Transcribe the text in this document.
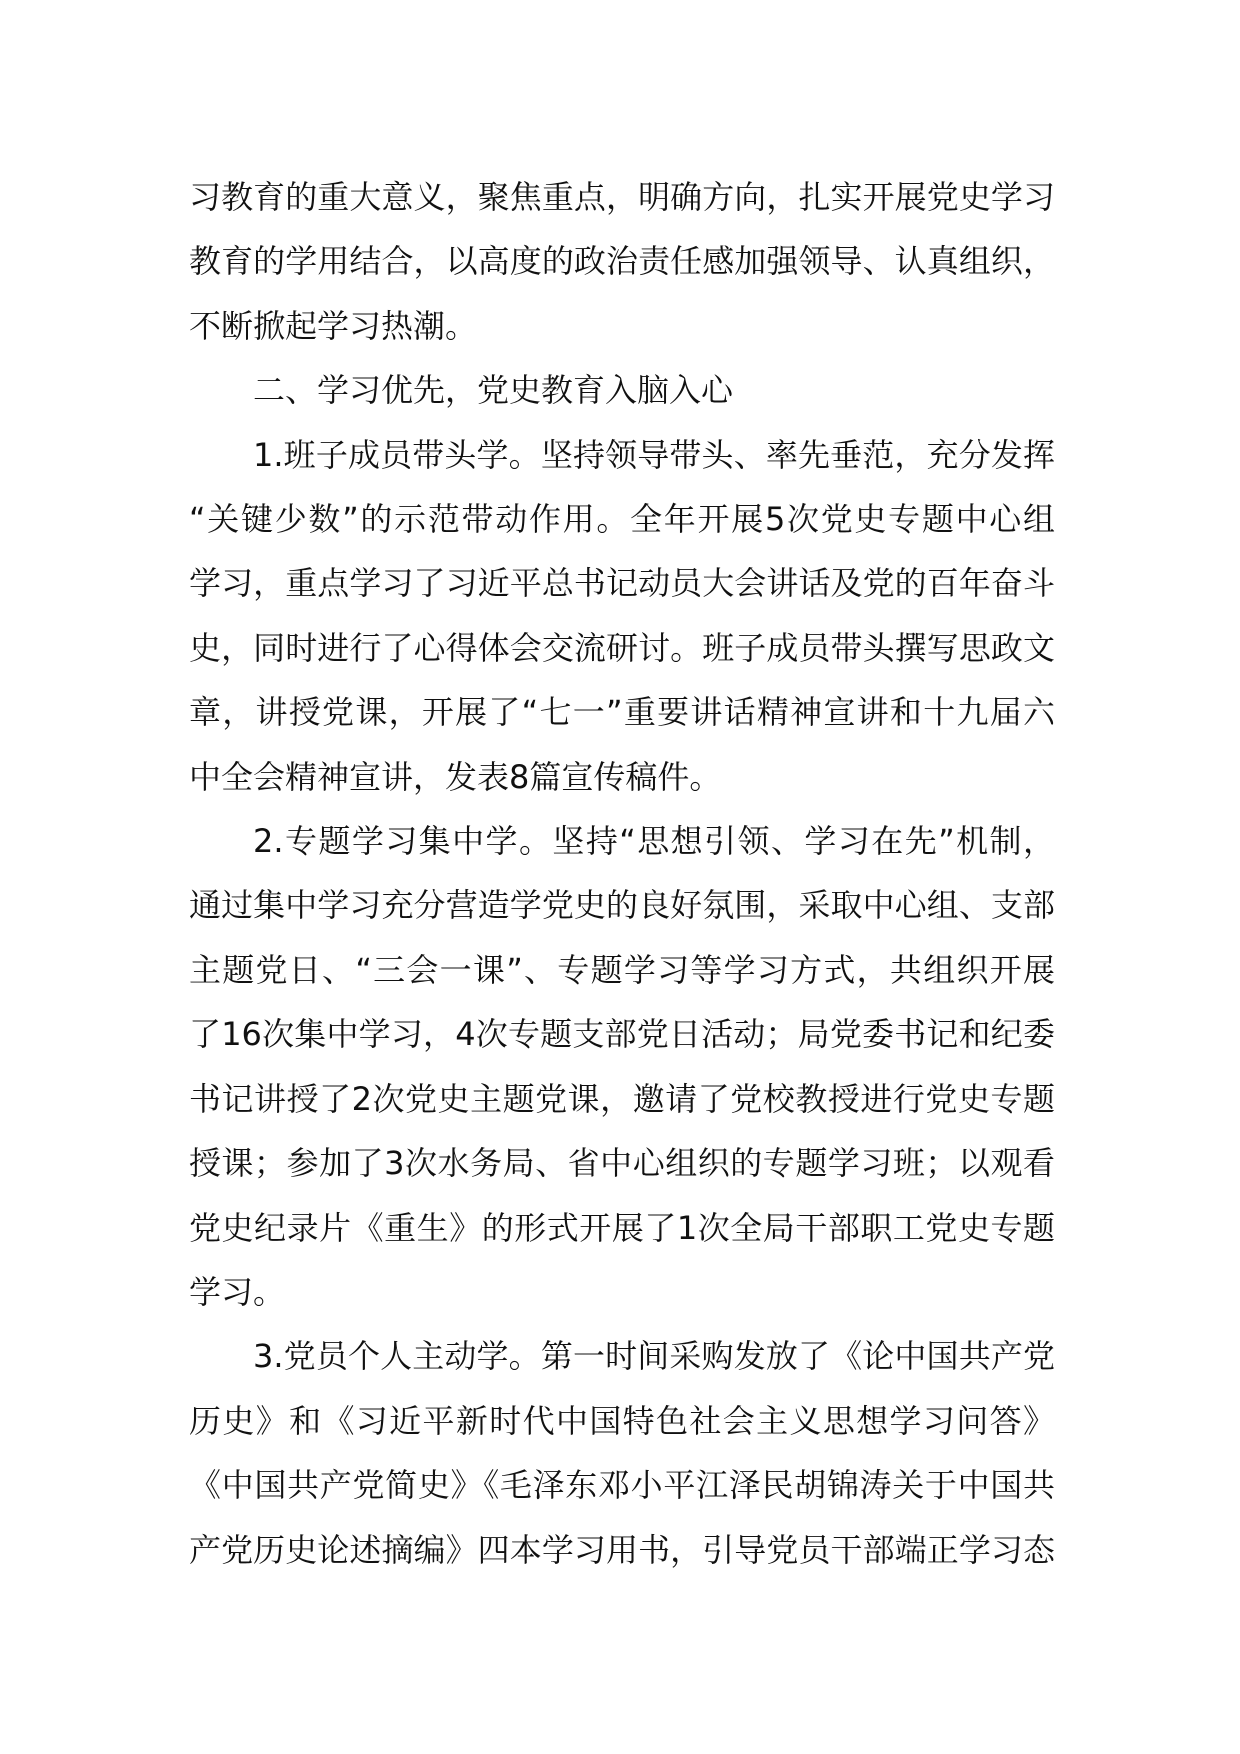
习教育的重大意义，聚焦重点，明确方向，扎实开展党史学习
教育的学用结合，以高度的政治责任感加强领导、认真组织，
不断掀起学习热潮。

二、学习优先，党史教育入脑入心

1.班子成员带头学。坚持领导带头、率先垂范，充分发挥
“关键少数”的示范带动作用。全年开展5次党史专题中心组
学习，重点学习了习近平总书记动员大会讲话及党的百年奋斗
史，同时进行了心得体会交流研讨。班子成员带头撰写思政文
章，讲授党课，开展了“七一”重要讲话精神宣讲和十九届六
中全会精神宣讲，发表8篇宣传稿件。

2.专题学习集中学。坚持“思想引领、学习在先”机制，
通过集中学习充分营造学党史的良好氛围，采取中心组、支部
主题党日、“三会一课”、专题学习等学习方式，共组织开展
了16次集中学习，4次专题支部党日活动；局党委书记和纪委
书记讲授了2次党史主题党课，邀请了党校教授进行党史专题
授课；参加了3次水务局、省中心组织的专题学习班；以观看
党史纪录片《重生》的形式开展了1次全局干部职工党史专题
学习。

3.党员个人主动学。第一时间采购发放了《论中国共产党
历史》和《习近平新时代中国特色社会主义思想学习问答》
《中国共产党简史》《毛泽东邓小平江泽民胡锦涛关于中国共
产党历史论述摘编》四本学习用书，引导党员干部端正学习态
